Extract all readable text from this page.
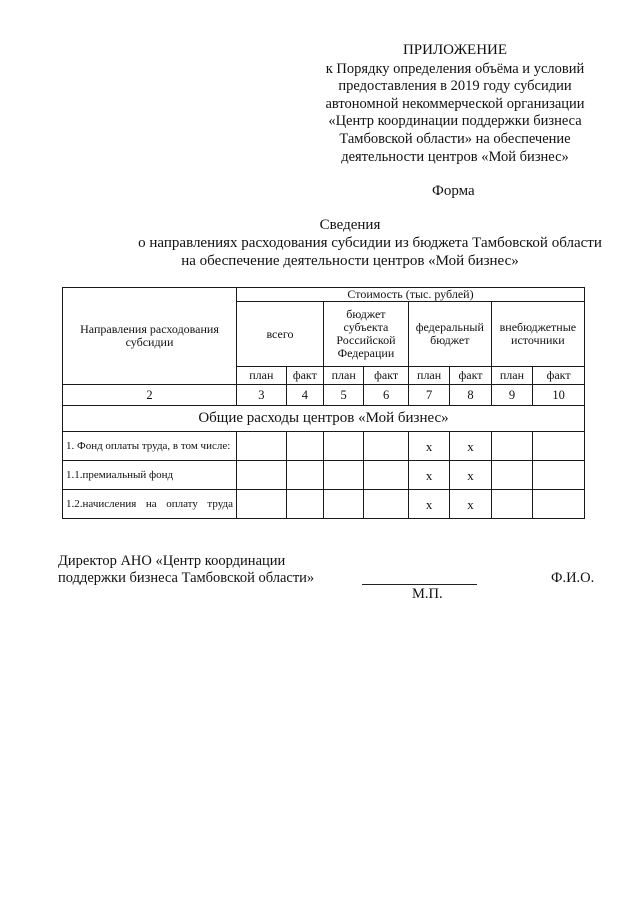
ПРИЛОЖЕНИЕ
к Порядку определения объёма и условий
предоставления в 2019 году субсидии
автономной некоммерческой организации
«Центр координации поддержки бизнеса
Тамбовской области» на обеспечение
деятельности центров «Мой бизнес»
Форма
Сведения
о направлениях расходования субсидии из бюджета Тамбовской области
на обеспечение деятельности центров «Мой бизнес»
Направления расходования субсидии	Стоимость (тыс. рублей)							
	всего		бюджет субъекта Российской Федерации		федеральный бюджет		внебюджетные источники	
	план	факт	план	факт	план	факт	план	факт
2	3	4	5	6	7	8	9	10
Общие расходы центров «Мой бизнес»								
1. Фонд оплаты труда, в том числе:					x	x		
1.1.премиальный фонд					x	x		
1.2.начисления на оплату труда					x	x		
Директор АНО «Центр координации
поддержки бизнеса Тамбовской области»	Ф.И.О.
М.П.
